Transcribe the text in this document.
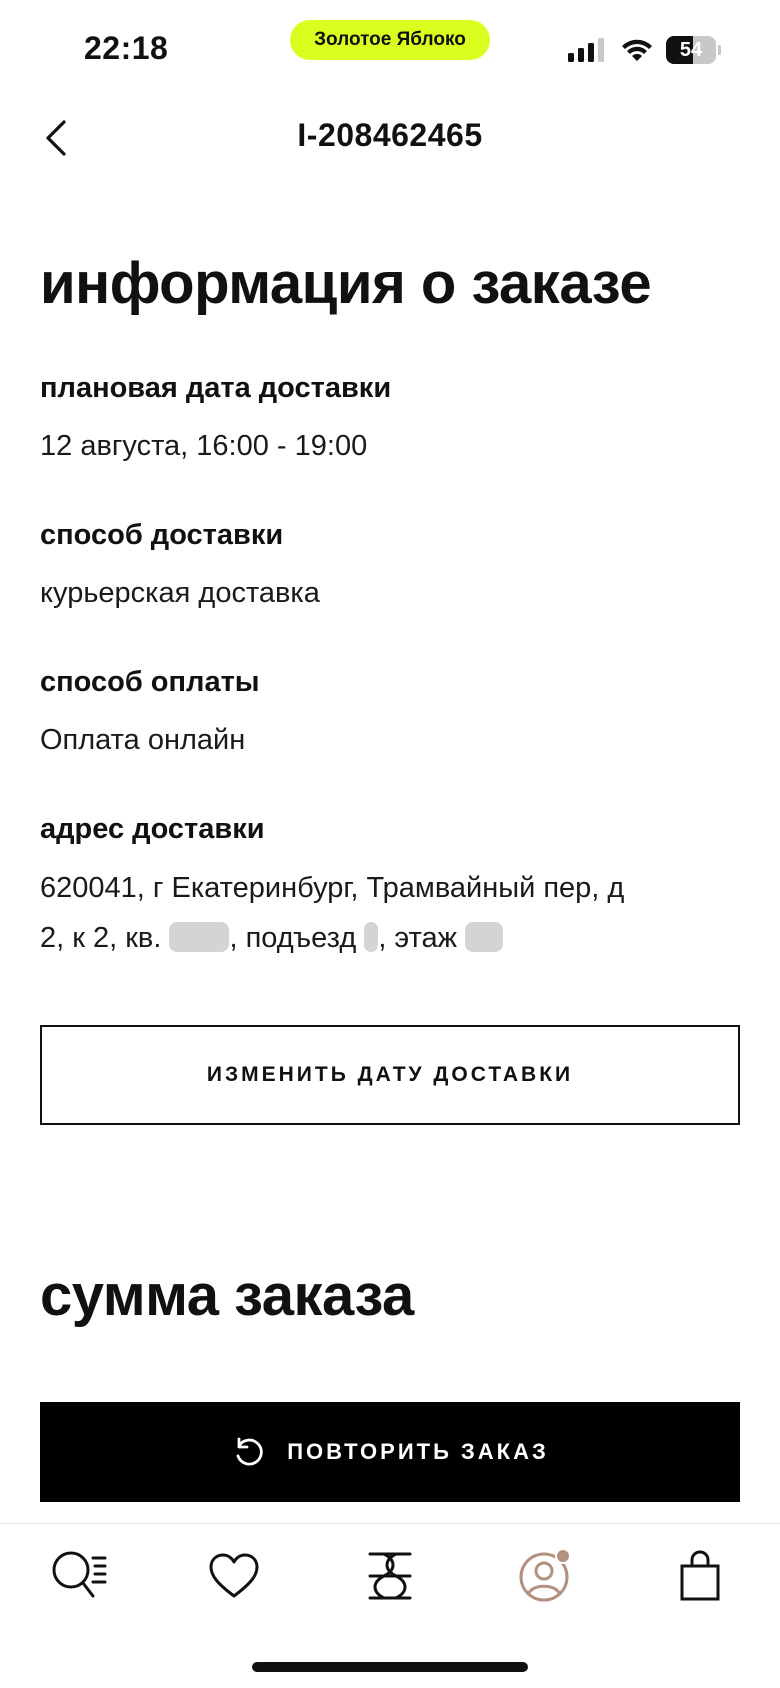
22:18	Золотое Яблоко	54
I-208462465
информация о заказе
плановая дата доставки
12 августа, 16:00 - 19:00
способ доставки
курьерская доставка
способ оплаты
Оплата онлайн
адрес доставки
620041, г Екатеринбург, Трамвайный пер, д
2, к 2, кв. , подъезд , этаж
ИЗМЕНИТЬ ДАТУ ДОСТАВКИ
сумма заказа
ПОВТОРИТЬ ЗАКАЗ
